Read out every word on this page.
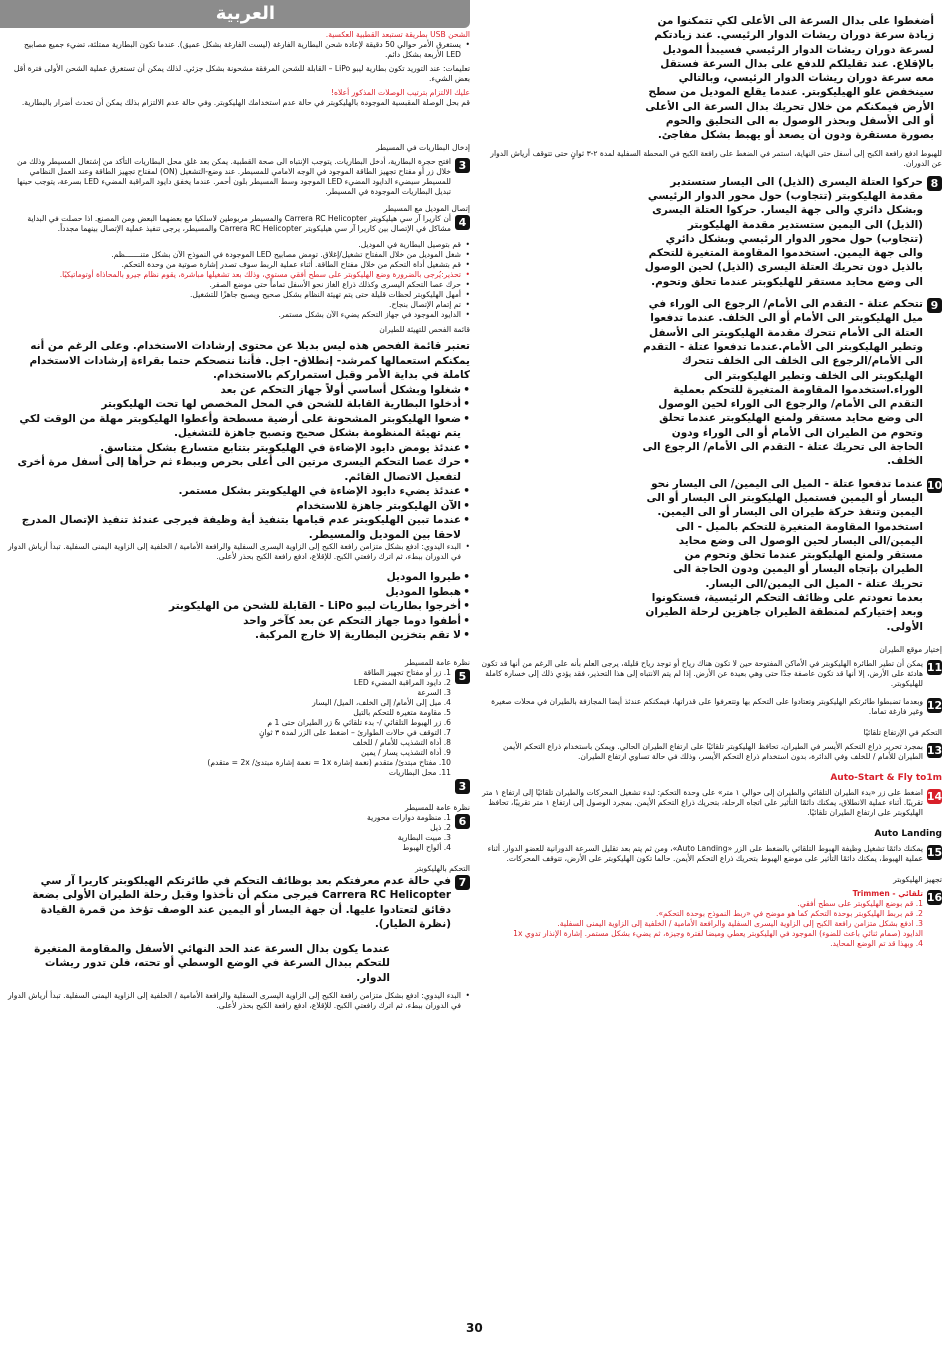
العربية

الشحن USB بطريقة تستبعد القطبية العكسية.

• يستغرق الأمر حوالي 50 دقيقة لإعادة شحن البطارية الفارغة (ليست الفارغة بشكل عميق). عندما تكون البطارية ممتلئة، تضيء جميع مصابيح LED الأربعة بشكل دائم.

تعليمات: عند التوريد تكون بطارية ليبو LiPo – القابلة للشحن المرفقة مشحونة بشكل جزئي. لذلك يمكن أن تستغرق عملية الشحن الأولى فترة أقل بعض الشيء.

عليك الالتزام بترتيب الوصلات المذكور أعلاه!

قم بحل الوصلة المقبسية الموجودة بالهليكوبتر في حالة عدم استخدامك الهليكوبتر. وفي حالة عدم الالتزام بذلك يمكن أن تحدث أضرار بالبطارية.

إدخال البطاريات في المسيطر

3

افتح حجرة البطارية، أدخل البطاريات. يتوجب الإنتباه الى صحة القطبية. يمكن بعد غلق محل البطاريات التأكد من إشتغال المسيطر وذلك من خلال زر أو مفتاح تجهيز الطاقة الموجود في الوجه الامامي للمسيطر. عند وضع-التشغيل (ON) لمفتاح تجهيز الطاقة وعند العمل النظامي للمسيطر سيضيء الدايود المضيء LED الموجود وسط المسيطر بلون أحمر. عندما يخفق دايود المراقبة المضيء LED بسرعة، يتوجب حينها تبديل البطاريات الموجودة في المسيطر.

إتصال الموديل مع المسيطر

4

أن كاريرا آر سي هيليكوبتر Carrera RC Helicopter والمسيطر مربوطين لاسلكيا مع بعضهما البعض ومن المصنع. اذا حصلت في البداية مشاكل في الإتصال بين كاريرا آر سي هيليكوبتر Carrera RC Helicopter والمسيطر، يرجى تنفيذ عملية الإتصال بينهما مجدداً.

• قم بتوصيل البطارية في الموديل.
• شغل الموديل من خلال المفتاح تشغيل/إغلاق. تومض مصابيح LED الموجودة في النموذج الآن بشكل متنـــــــظم.
• قم بتشغيل أداة التحكم من خلال مفتاح الطاقة. أثناء عملية الربط سوف تصدر إشارة صوتية من وحدة التحكم.
• تحذير:يُرجى بالضرورة وضع الهليكوبتر على سطح أفقي مستوي، وذلك بعد تشغيلها مباشرة، يقوم نظام جيرو بالمحاذاة أوتوماتيكيًا.
• حرك عصا التحكم اليسرى وكذلك ذراع الغاز نحو الأسفل تماماً حتى موضع الصفر.
• أمهل الهليكوبتر لحظات قليلة حتى يتم تهيئة النظام بشكل صحيح ويصبح جاهزًا للتشغيل.
• تم إتمام الإتصال بنجاح.
• الدايود الموجود في جهاز التحكم يضيء الآن بشكل مستمر.

قائمة الفحص للتهيئة للطيران

تعتبر قائمة الفحص هذه ليس بديلا عن محتوى إرشادات الاستخدام. وعلى الرغم من أنه يمكنكم استعمالها كمرشد- إنطلاق- اجل. فأننا ننصحكم حتما بقراءة إرشادات الاستخدام كاملة في بداية الأمر وقبل استمراركم بالاستخدام.

• شغلوا وبشكل أساسي أولاً جهاز التحكم عن بعد
• أدخلوا البطارية القابلة للشحن في المحل المخصص لها تحت الهليكوبتر
• ضعوا الهليكوبتر المشحونة على أرضية مسطحة وأعطوا الهليكوبتر مهلة من الوقت لكي يتم تهيئة المنظومة بشكل صحيح وتصبح جاهزة للتشغيل.
• عندئذ يومض دايود الإضاءة في الهليكوبتر بتتابع متسارع بشكل متناسق.
• حرك عصا التحكم اليسرى مرتين الى أعلى بحرص وببطء ثم حرأها إلى أسفل مرة أخرى لتفعيل الاتصال القائم.
• عندئذ يضيء دايود الإضاءة في الهليكوبتر بشكل مستمر.
• الآن الهليكوبتر جاهزة للاستخدام
• عندما تبين الهليكوبتر عدم قيامها بتنفيذ أية وظيفة فيرجى عندئذ تنفيذ الإتصال المدرج لاحقا بين الموديل والمسيطر.
• البدء اليدوي: ادفع بشكل متزامن رافعة الكبح إلى الزاوية اليسرى السفلية والرافعة الأمامية / الخلفية إلى الزاوية اليمنى السفلية. تبدأ أرياش الدوار في الدوران ببطء، ثم اترك رافعتي الكبح. للإقلاع، ادفع رافعة الكبح بحذر لأعلى.
• طيروا الموديل
• هبطوا الموديل
• أخرجوا بطاريات ليبو LiPo - القابلة للشحن من الهليكوبتر
• أطفوا دوما جهاز التحكم عن بعد كآخر واحد
• لا تقم بتخزين البطارية إلا خارج المركبة.

نظرة عامة للمسيطر

5

1. زر أو مفتاح تجهيز الطاقة

2. دايود المراقبة المضيء LED

3. السرعة

4. ميل إلى الأمام/ إلى الخلف، الميل/ اليسار

5. مقاومة متغيرة للتحكم بالتيل

6. زر الهبوط التلقائي /- بدء تلقائي & زر الطيران حتى 1 م

7. التوقف في حالات الطوارئ – اضغط على الزر لمدة ٣ ثوانٍ

8. أداة التشذيب للأمام / للخلف

9. أداة التشذيب يسار / يمين

10. مفتاح مبتدئ/ متقدم (نغمة إشارة 1x = نغمة إشارة مبتدئ/ 2x = متقدم)

11. محل البطاريات

3

نظرة عامة للمسيطر

6

1. منظومة دوارات محورية

2. ذيل

3. مبيت البطارية

4. ألواح الهبوط

التحكم بالهليكوبتر

7

في حالة عدم معرفتكم بعد بوظائف التحكم في طائرتكم الهيلكوبتر كاريرا آر سي Carrera RC Helicopter فيرجى منكم أن تأخذوا وقبل رحلة الطيران الأولى بضعة دقائق لتعتادوا عليها. أن جهة اليسار أو اليمين عند الوصف تؤخذ من قمرة القيادة (نظرة الطيار).

عندما يكون بدال السرعة عند الحد النهائي الأسفل والمقاومة المتغيرة للتحكم ببدال السرعة في الوضع الوسطي أو تحته، فلن تدور ريشات الدوار.

• البدء اليدوي: ادفع بشكل متزامن رافعة الكبح إلى الزاوية اليسرى السفلية والرافعة الأمامية / الخلفية إلى الزاوية اليمنى السفلية. تبدأ أرياش الدوار في الدوران ببطء، ثم اترك رافعتي الكبح. للإقلاع، ادفع رافعة الكبح بحذر لأعلى.

أضغطوا على بدال السرعة الى الأعلى لكي تتمكنوا من زيادة سرعة دوران ريشات الدوار الرئيسي. عند زيادتكم لسرعة دوران ريشات الدوار الرئيسي فسيبدأ الموديل بالإقلاع. عند تقليلكم للدفع على بدال السرعة فستقل معه سرعة دوران ريشات الدوار الرئيسي، وبالتالي سينخفض علو الهيليكوبتر. عندما يقلع الموديل من سطح الأرض فيمكنكم من خلال تحريك بدال السرعة الى الأعلى أو الى الأسفل وبحذر الوصول به الى التحليق والحوم بصورة مستقرة ودون أن يصعد أو يهبط بشكل مفاجئ.

للهبوط ادفع رافعة الكبح إلى أسفل حتى النهاية، استمر في الضغط على رافعة الكبح في المحطة السفلية لمدة ٢-٣ ثوانٍ حتى تتوقف أرياش الدوار عن الدوران.

8

حركوا العتلة اليسرى (الذيل) الى اليسار ستستدير مقدمة الهليكوبتر (تتجاوب) حول محور الدوار الرئيسي وبشكل دائري والى جهة اليسار. حركوا العتلة اليسرى (الذيل) الى اليمين ستستدير مقدمة الهليكوبتر (تتجاوب) حول محور الدوار الرئيسي وبشكل دائري والى جهة اليمين. استخدموا المقاومة المتغيرة للتحكم بالذيل دون تحريك العتلة اليسرى (الذيل) لحين الوصول الى وضع محايد مستقر للهليكوبتر عندما تحلق وتحوم.

9

تتحكم عتلة - التقدم الى الأمام/ الرجوع الى الوراء في ميل الهليكوبتر الى الأمام أو الى الخلف. عندما تدفعوا العتلة الى الأمام تتحرك مقدمة الهليكوبتر الى الأسفل وتطير الهليكوبتر الى الأمام.عندما تدفعوا عتلة - التقدم الى الأمام/الرجوع الى الخلف الى الخلف تتحرك الهليكوبتر الى الخلف وتطير الهليكوبتر الى الوراء.استخدموا المقاومة المتغيرة للتحكم بعملية التقدم الى الأمام/ والرجوع الى الوراء لحين الوصول الى وضع محايد مستقر ولمنع الهليكوبتر عندما تحلق وتحوم من الطيران الى الأمام أو الى الوراء ودون الحاجة الى تحريك عتلة - التقدم الى الأمام/ الرجوع الى الخلف.

10

عندما تدفعوا عتلة - الميل الى اليمين/ الى اليسار نحو اليسار أو اليمين فستميل الهليكوبتر الى اليسار أو الى اليمين وتنفذ حركة طيران الى اليسار أو الى اليمين. استخدموا المقاومة المتغيرة للتحكم بالميل - الى اليمين/الى اليسار لحين الوصول الى وضع محايد مستقر ولمنع الهليكوبتر عندما تحلق وتحوم من الطيران بإتجاه اليسار أو اليمين ودون الحاجة الى تحريك عتلة - الميل الى اليمين/الى اليسار.

بعدما تعودتم على وظائف التحكم الرئيسية، فستكونوا وبعد إختياركم لمنطقة الطيران جاهزين لرحلة الطيران الأولى.

إختيار موقع الطيران

11

يمكن أن تطير الطائرة الهليكوبتر في الأماكن المفتوحة حين لا تكون هناك رياح أو توجد رياح قليلة، يرجى العلم بأنه على الرغم من أنها قد تكون هادئة على الأرض، إلا أنها قد تكون عاصفة جدًا حتى وهي بعيدة عن الأرض. إذا لم يتم الانتباه إلى هذا التحذير، فقد يؤدي ذلك إلى خسارة كاملة للهليكوبتر.

12

وبعدما تضبطوا طائرتكم الهليكوبتر وتعتادوا على التحكم بها وتتعرفوا على قدراتها، فيمكنكم عندئذ أيضا المجازفة بالطيران في محلات صغيرة وغير فارغة تماما.

التحكم في الإرتفاع تلقائيًا

13

بمجرد تحرير ذراع التحكم الأيسر في الطيران، تحافظ الهليكوبتر تلقائيًا على ارتفاع الطيران الحالي. ويمكن باستخدام ذراع التحكم الأيمن الطيران للأمام / للخلف وفي الدائرة، بدون استخدام ذراع التحكم الأيسر، وذلك في حالة تساوي ارتفاع الطيران.

Auto-Start & Fly to1m

14

اضغط على زر «بدء الطيران التلقائي والطيران إلى حوالي ١ متر» على وحدة التحكم: لبدء تشغيل المحركات والطيران تلقائيًا إلى ارتفاع ١ متر تقريبًا. أثناء عملية الانطلاق، يمكنك دائمًا التأثير على اتجاه الرحلة، بتحريك ذراع التحكم الأيمن. بمجرد الوصول إلى ارتفاع ١ متر تقريبًا، تحافظ الهليكوبتر على ارتفاع الطيران تلقائيًا.

Auto Landing

15

يمكنك دائمًا تشغيل وظيفة الهبوط التلقائي بالضغط على الزر «Auto Landing»، ومن ثم يتم بعد تقليل السرعة الدورانية للعضو الدوار. أثناء عملية الهبوط، يمكنك دائمًا التأثير على موضع الهبوط بتحريك ذراع التحكم الأيمن. حالما تكون الهليكوبتر على الأرض، تتوقف المحركات.

تجهيز الهليكوبتر

16

تلقائي - Trimmen

1. قم بوضع الهليكوبتر على سطح أفقي.

2. قم بربط الهليكوبتر بوحدة التحكم كما هو موضح في «ربط النموذج بوحدة التحكم».

3. ادفع بشكل متزامن رافعة الكبح إلى الزاوية اليسرى السفلية والرافعة الأمامية / الخلفية إلى الزاوية اليمنى السفلية.

الدايود (صمام ثنائي باعث للضوء) الموجود في الهليكوبتر يعطي وميضا لفترة وجيزة، ثم يضيء بشكل مستمر. إشارة الإنذار تدوي 1x

4. وبهذا قد تم الوضع المحايد.

30
